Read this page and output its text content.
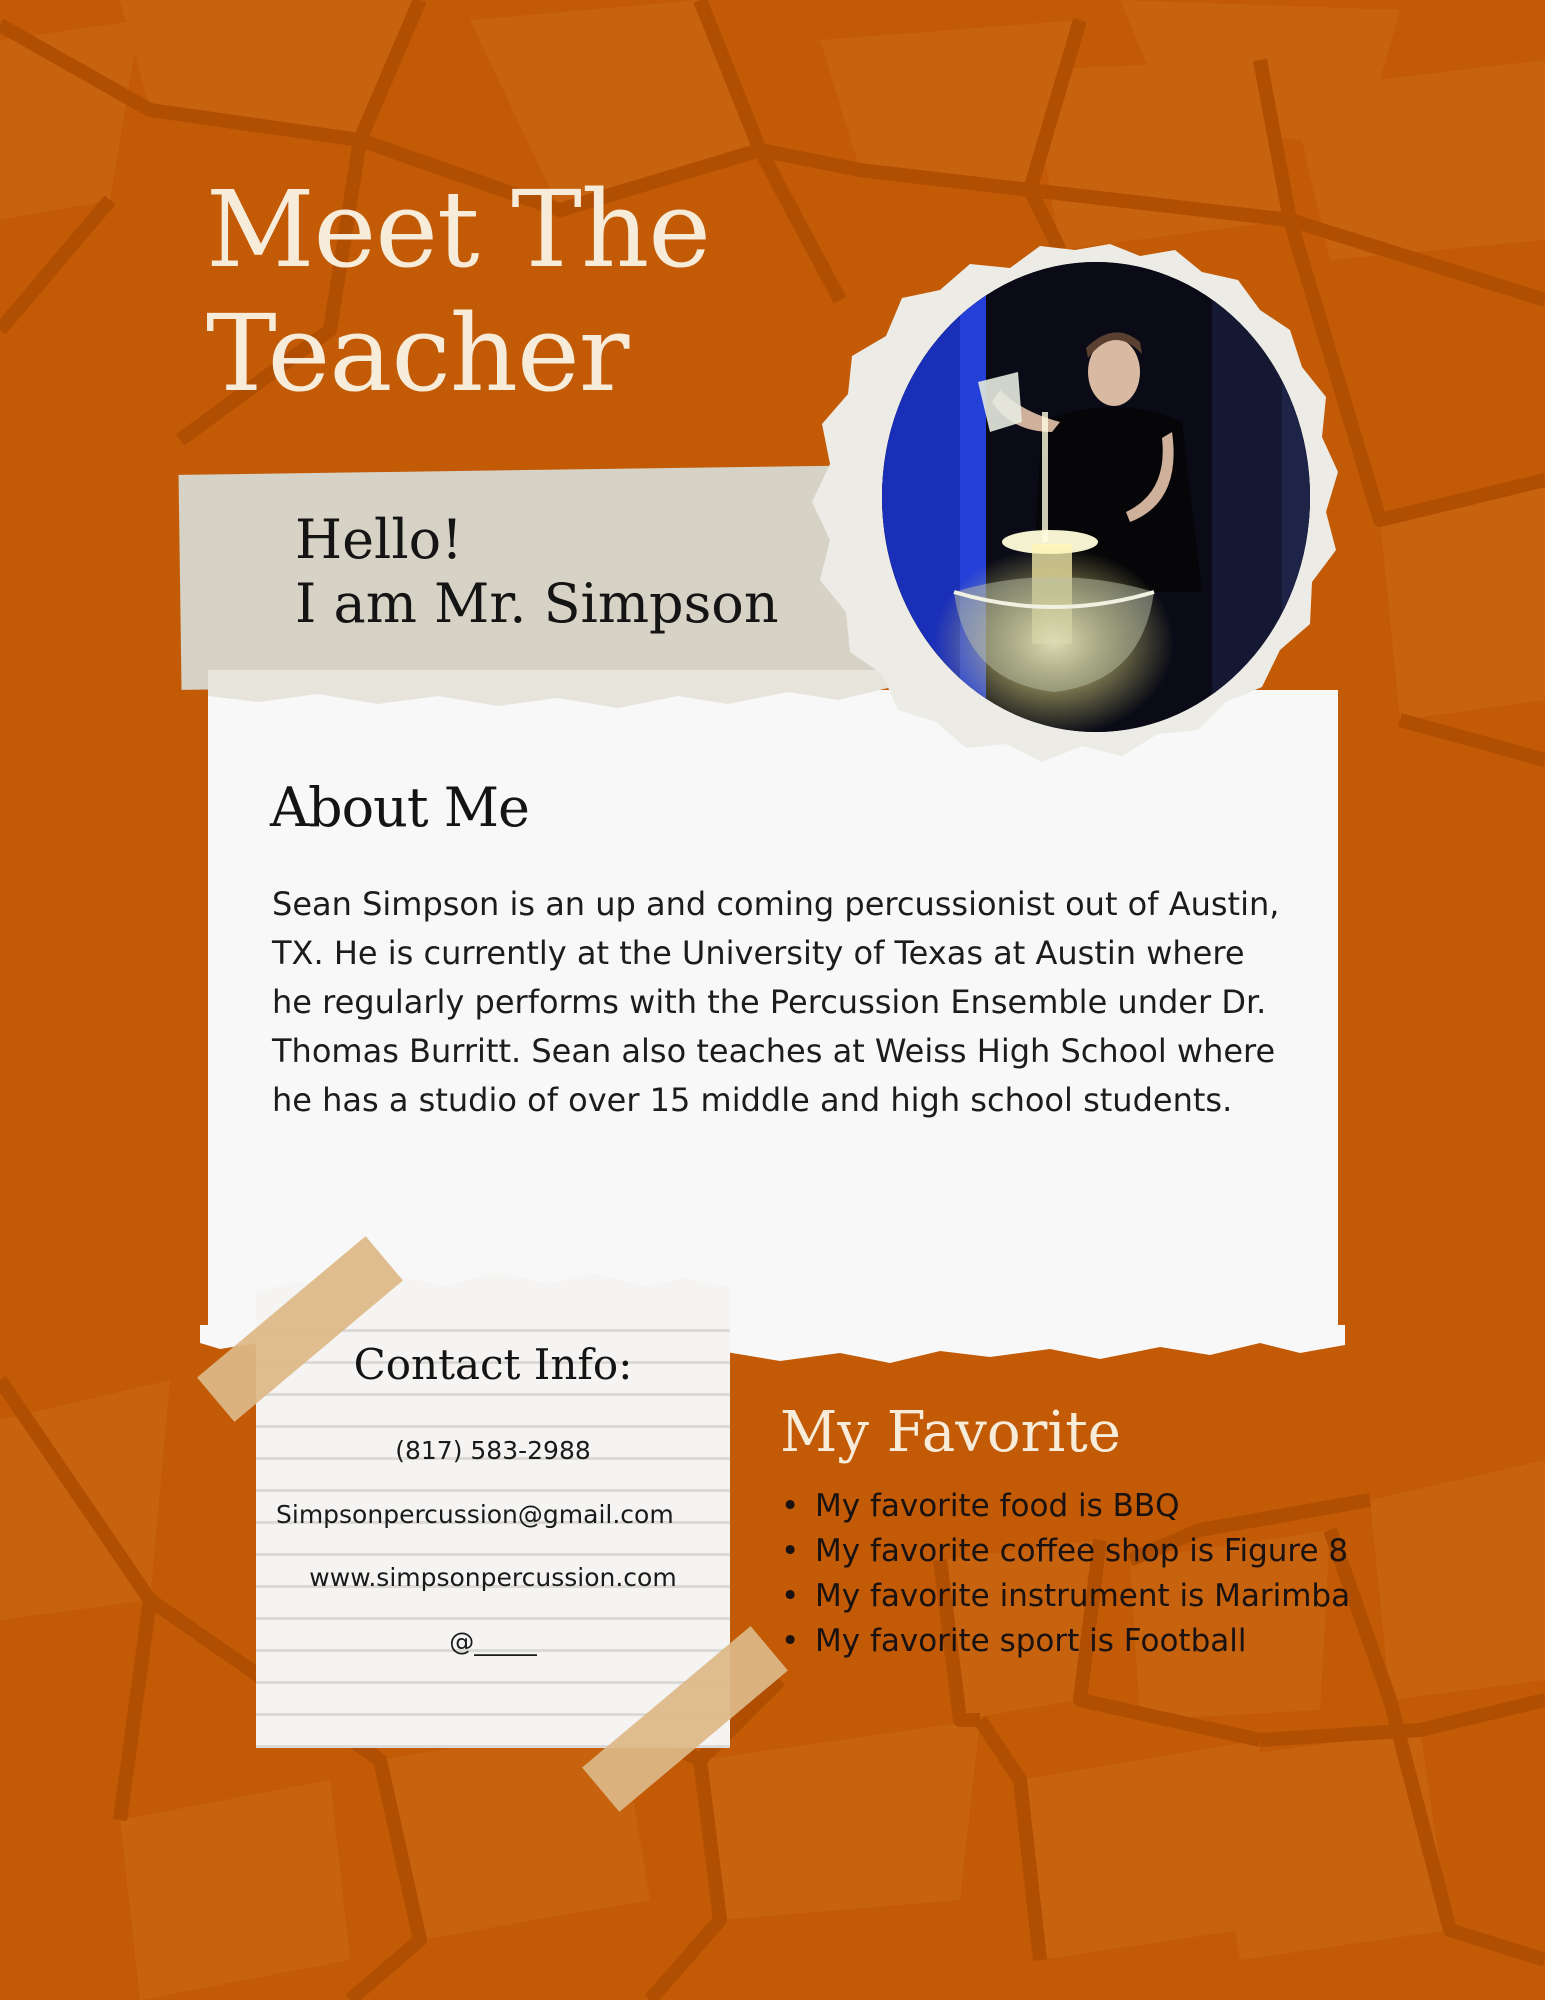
Meet The
Teacher
Hello!
I am Mr. Simpson
About Me

Sean Simpson is an up and coming percussionist out of Austin, TX. He is currently at the University of Texas at Austin where he regularly performs with the Percussion Ensemble under Dr. Thomas Burritt. Sean also teaches at Weiss High School where he has a studio of over 15 middle and high school students.

Contact Info:
(817) 583-2988
Simpsonpercussion@gmail.com
www.simpsonpercussion.com
@_____
My Favorite
• My favorite food is BBQ
• My favorite coffee shop is Figure 8
• My favorite instrument is Marimba
• My favorite sport is Football
